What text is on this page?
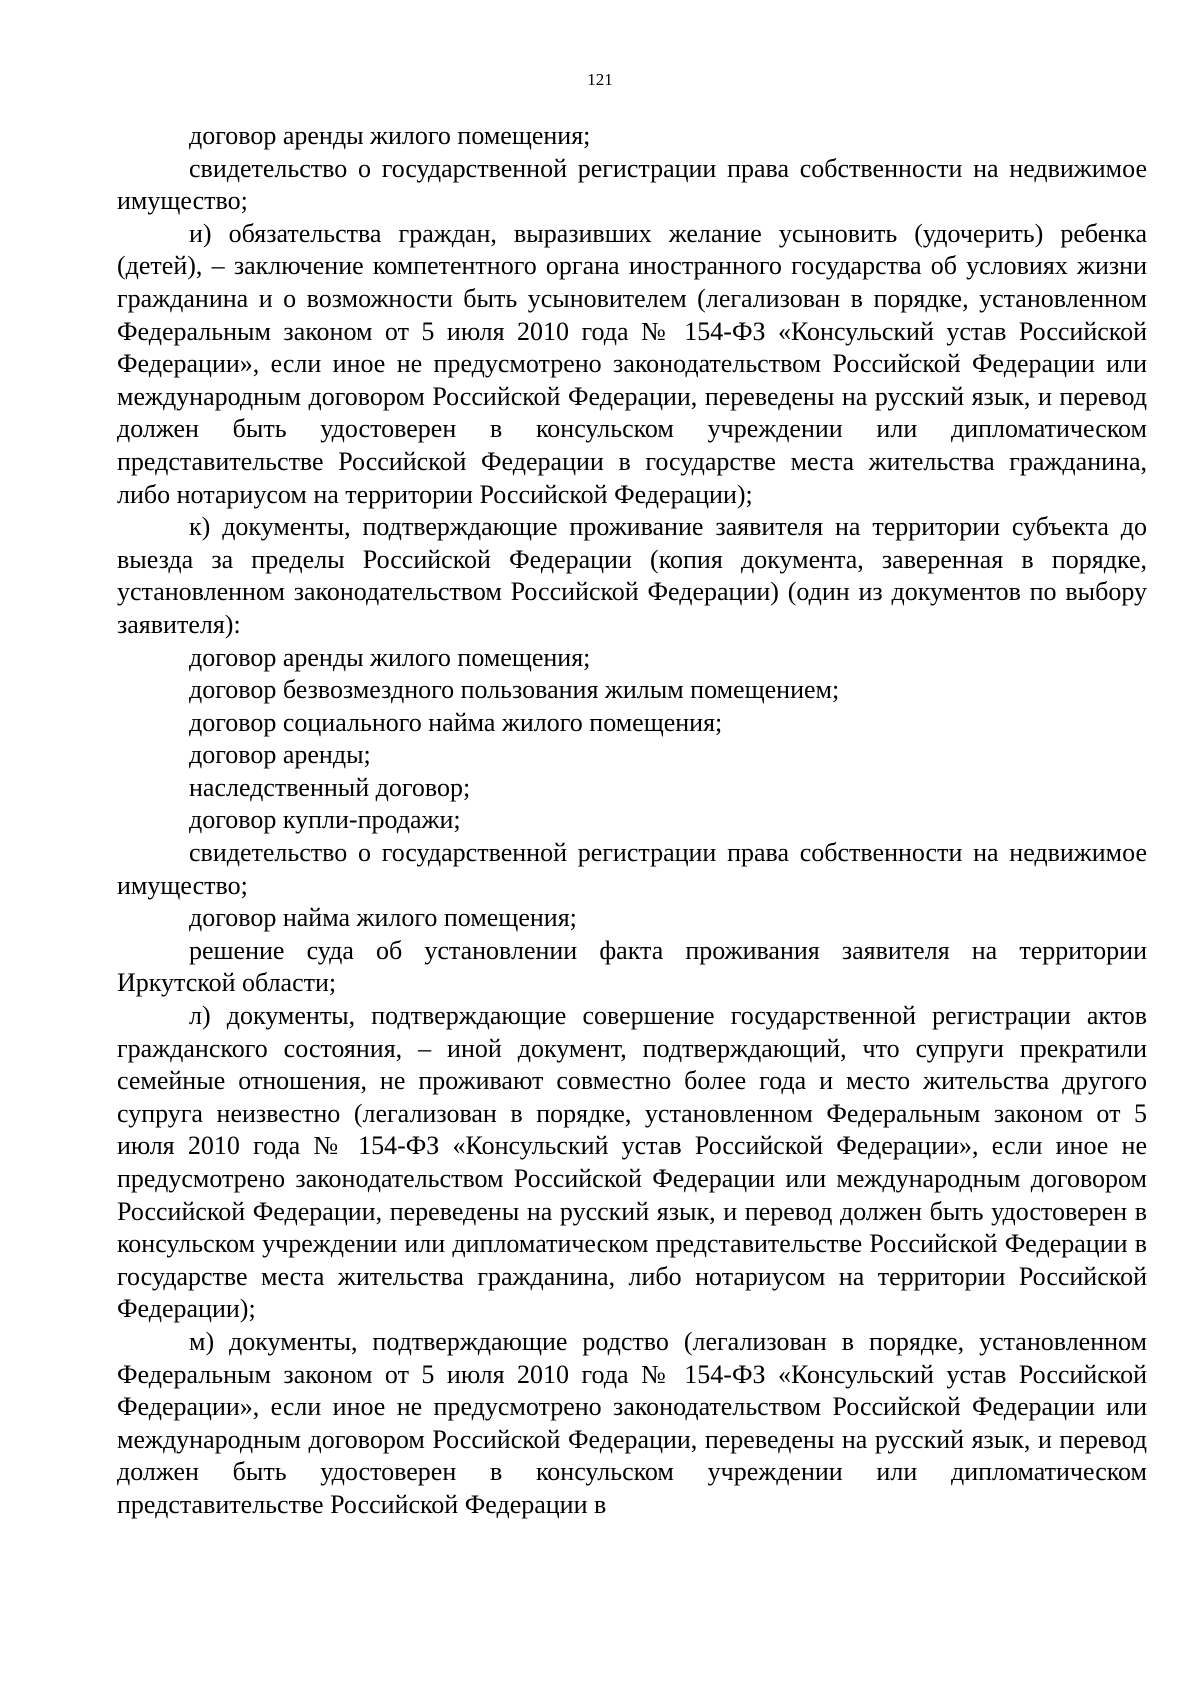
121

договор аренды жилого помещения;

свидетельство о государственной регистрации права собственности на недвижимое имущество;

и) обязательства граждан, выразивших желание усыновить (удочерить) ребенка (детей), – заключение компетентного органа иностранного государства об условиях жизни гражданина и о возможности быть усыновителем (легализован в порядке, установленном Федеральным законом от 5 июля 2010 года № 154-ФЗ «Консульский устав Российской Федерации», если иное не предусмотрено законодательством Российской Федерации или международным договором Российской Федерации, переведены на русский язык, и перевод должен быть удостоверен в консульском учреждении или дипломатическом представительстве Российской Федерации в государстве места жительства гражданина, либо нотариусом на территории Российской Федерации);

к) документы, подтверждающие проживание заявителя на территории субъекта до выезда за пределы Российской Федерации (копия документа, заверенная в порядке, установленном законодательством Российской Федерации) (один из документов по выбору заявителя):

договор аренды жилого помещения;

договор безвозмездного пользования жилым помещением;

договор социального найма жилого помещения;

договор аренды;

наследственный договор;

договор купли-продажи;

свидетельство о государственной регистрации права собственности на недвижимое имущество;

договор найма жилого помещения;

решение суда об установлении факта проживания заявителя на территории Иркутской области;

л) документы, подтверждающие совершение государственной регистрации актов гражданского состояния, – иной документ, подтверждающий, что супруги прекратили семейные отношения, не проживают совместно более года и место жительства другого супруга неизвестно (легализован в порядке, установленном Федеральным законом от 5 июля 2010 года № 154-ФЗ «Консульский устав Российской Федерации», если иное не предусмотрено законодательством Российской Федерации или международным договором Российской Федерации, переведены на русский язык, и перевод должен быть удостоверен в консульском учреждении или дипломатическом представительстве Российской Федерации в государстве места жительства гражданина, либо нотариусом на территории Российской Федерации);

м) документы, подтверждающие родство (легализован в порядке, установленном Федеральным законом от 5 июля 2010 года № 154-ФЗ «Консульский устав Российской Федерации», если иное не предусмотрено законодательством Российской Федерации или международным договором Российской Федерации, переведены на русский язык, и перевод должен быть удостоверен в консульском учреждении или дипломатическом представительстве Российской Федерации в
